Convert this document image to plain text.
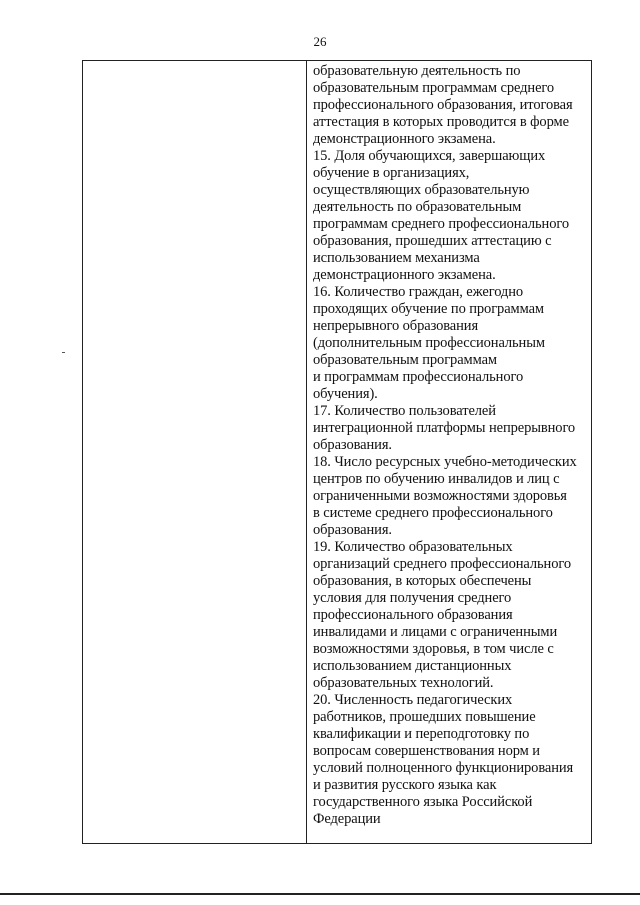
26

образовательную деятельность по
образовательным программам среднего
профессионального образования, итоговая
аттестация в которых проводится в форме
демонстрационного экзамена.

15. Доля обучающихся, завершающих
обучение в организациях,
осуществляющих образовательную
деятельность по образовательным
программам среднего профессионального
образования, прошедших аттестацию с
использованием механизма
демонстрационного экзамена.

16. Количество граждан, ежегодно
проходящих обучение по программам
непрерывного образования
(дополнительным профессиональным
образовательным программам
и программам профессионального
обучения).

17. Количество пользователей
интеграционной платформы непрерывного
образования.

18. Число ресурсных учебно-методических
центров по обучению инвалидов и лиц с
ограниченными возможностями здоровья
в системе среднего профессионального
образования.

19. Количество образовательных
организаций среднего профессионального
образования, в которых обеспечены
условия для получения среднего
профессионального образования
инвалидами и лицами с ограниченными
возможностями здоровья, в том числе с
использованием дистанционных
образовательных технологий.

20. Численность педагогических
работников, прошедших повышение
квалификации и переподготовку по
вопросам совершенствования норм и
условий полноценного функционирования
и развития русского языка как
государственного языка Российской
Федерации
